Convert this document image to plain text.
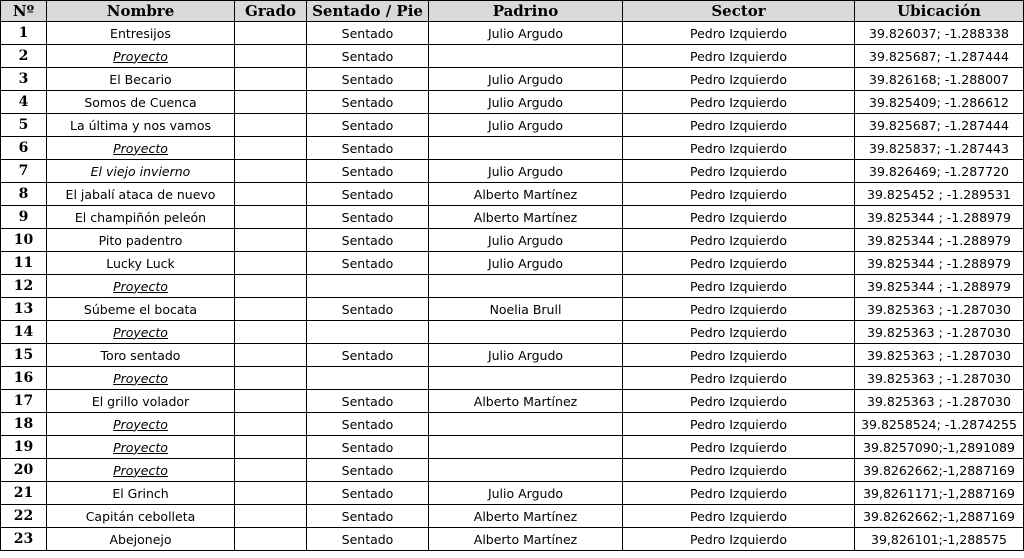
Nº	Nombre	Grado	Sentado / Pie	Padrino	Sector	Ubicación
1	Entresijos		Sentado	Julio Argudo	Pedro Izquierdo	39.826037; -1.288338
2	Proyecto		Sentado		Pedro Izquierdo	39.825687; -1.287444
3	El Becario		Sentado	Julio Argudo	Pedro Izquierdo	39.826168; -1.288007
4	Somos de Cuenca		Sentado	Julio Argudo	Pedro Izquierdo	39.825409; -1.286612
5	La última y nos vamos		Sentado	Julio Argudo	Pedro Izquierdo	39.825687; -1.287444
6	Proyecto		Sentado		Pedro Izquierdo	39.825837; -1.287443
7	El viejo invierno		Sentado	Julio Argudo	Pedro Izquierdo	39.826469; -1.287720
8	El jabalí ataca de nuevo		Sentado	Alberto Martínez	Pedro Izquierdo	39.825452 ; -1.289531
9	El champiñón peleón		Sentado	Alberto Martínez	Pedro Izquierdo	39.825344 ; -1.288979
10	Pito padentro		Sentado	Julio Argudo	Pedro Izquierdo	39.825344 ; -1.288979
11	Lucky Luck		Sentado	Julio Argudo	Pedro Izquierdo	39.825344 ; -1.288979
12	Proyecto				Pedro Izquierdo	39.825344 ; -1.288979
13	Súbeme el bocata		Sentado	Noelia Brull	Pedro Izquierdo	39.825363 ; -1.287030
14	Proyecto				Pedro Izquierdo	39.825363 ; -1.287030
15	Toro sentado		Sentado	Julio Argudo	Pedro Izquierdo	39.825363 ; -1.287030
16	Proyecto				Pedro Izquierdo	39.825363 ; -1.287030
17	El grillo volador		Sentado	Alberto Martínez	Pedro Izquierdo	39.825363 ; -1.287030
18	Proyecto		Sentado		Pedro Izquierdo	39.8258524; -1.2874255
19	Proyecto		Sentado		Pedro Izquierdo	39.8257090;-1,2891089
20	Proyecto		Sentado		Pedro Izquierdo	39.8262662;-1,2887169
21	El Grinch		Sentado	Julio Argudo	Pedro Izquierdo	39,8261171;-1,2887169
22	Capitán cebolleta		Sentado	Alberto Martínez	Pedro Izquierdo	39.8262662;-1,2887169
23	Abejonejo		Sentado	Alberto Martínez	Pedro Izquierdo	39,826101;-1,288575
